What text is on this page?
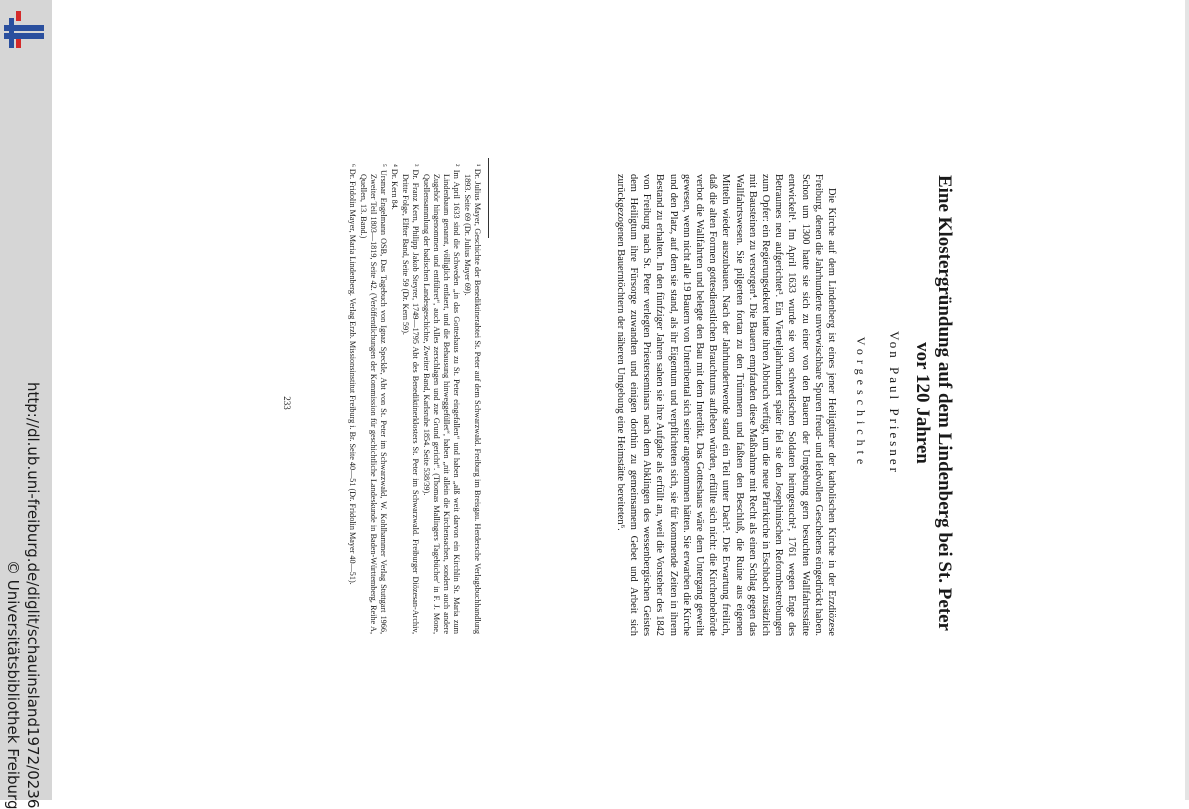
http://dl.ub.uni-freiburg.de/diglit/schauinsland1972/0236
© Universitätsbibliothek Freiburg
Eine Klostergründung auf dem Lindenberg bei St. Peter
vor 120 Jahren
Von Paul Priesner
Vorgeschichte
Die Kirche auf dem Lindenberg ist eines jener Heiligtümer der katholischen Kirche in der Erzdiözese Freiburg, denen die Jahrhunderte unverwischbare Spuren freud- und leidvollen Geschehens eingedrückt haben. Schon um 1300 hatte sie sich zu einer von den Bauern der Umgebung gern besuchten Wallfahrtsstätte entwickelt¹. Im April 1633 wurde sie von schwedischen Soldaten heimgesucht², 1761 wegen Enge des Betraumes neu aufgerichtet³. Ein Vierteljahrhundert später fiel sie den Josephinischen Reformbestrebungen zum Opfer: ein Regierungsdekret hatte ihren Abbruch verfügt, um die neue Pfarrkirche in Eschbach zusätzlich mit Bausteinen zu versorgen⁴. Die Bauern empfanden diese Maßnahme mit Recht als einen Schlag gegen das Wallfahrtswesen. Sie pilgerten fortan zu den Trümmern und faßten den Beschluß, die Ruine aus eigenen Mitteln wieder auszubauen. Nach der Jahrhundertwende stand ein Teil unter Dach⁵. Die Erwartung freilich, daß die alten Formen gottesdienstlichen Brauchtums aufleben würden, erfüllte sich nicht: die Kirchenbehörde verbot die Wallfahrten und belegte den Bau mit dem Interdikt. Das Gotteshaus wäre dem Untergang geweiht gewesen, wenn nicht alle 19 Bauern von Unteribental sich seiner angenommen hätten. Sie erwarben die Kirche und den Platz, auf dem sie stand, als ihr Eigentum und verpflichteten sich, sie für kommende Zeiten in ihrem Bestand zu erhalten. In den fünfziger Jahren sahen sie ihre Aufgabe als erfüllt an, weil die Vorsteher des 1842 von Freiburg nach St. Peter verlegten Priesterseminars nach dem Abklingen des wessenbergischen Geistes dem Heiligtum ihre Fürsorge zuwandten und einigen dorthin zu gemeinsamem Gebet und Arbeit sich zurückgezogenen Bauerntöchtern der näheren Umgebung eine Heimstätte bereiteten⁶.
¹ Dr. Julius Mayer, Geschichte der Benediktinerabtei St. Peter auf dem Schwarzwald. Freiburg im Breisgau. Herdersche Verlagsbuchhandlung 1893. Seite 69 (Dr. Julius Mayer 69).
² Im April 1633 sind die Schweden „in das Gotteshaus zu St. Peter eingefallen“ und haben „alß weit darvon ein Kirchlin St. Maria zum Lindenbaum genannt, völliglich entlaert, und die Behausung hinweggefüllet“, haben „nit allein die Kirchensachen, sondern auch andere Zugehör hingenommen und entführet“, auch Alles zerschlagen und zue Grund gericht“. (Thomas Mallingers Tagebücher' in F. J. Mone, Quellensammlung der badischen Landesgeschichte, Zweiter Band, Karlsruhe 1854. Seite 538/39).
³ Dr. Franz Kern, Philipp Jakob Steyrer, 1749—1795 Abt des Benediktinerklosters St. Peter im Schwarzwald. Freiburger Diözesan-Archiv, Dritte Folge, Elfter Band, Seite 59 (Dr. Kern 59).
⁴ Dr. Kern 84.
⁵ Ursmar Engelmann OSB, Das Tagebuch von Ignaz Speckle, Abt von St. Peter im Schwarzwald, W. Kohlhammer Verlag Stuttgart 1966, Zweiter Teil 1803—1819, Seite 42. (Veröffentlichungen der Kommission für geschichtliche Landeskunde in Baden-Württemberg, Reihe A, Quellen, 13. Band.)
⁶ Dr. Fridolin Mayer, Maria Lindenberg. Verlag Erzb. Missionsinstitut Freiburg i. Br. Seite 40—51 (Dr. Fridolin Mayer 40—51).
233
